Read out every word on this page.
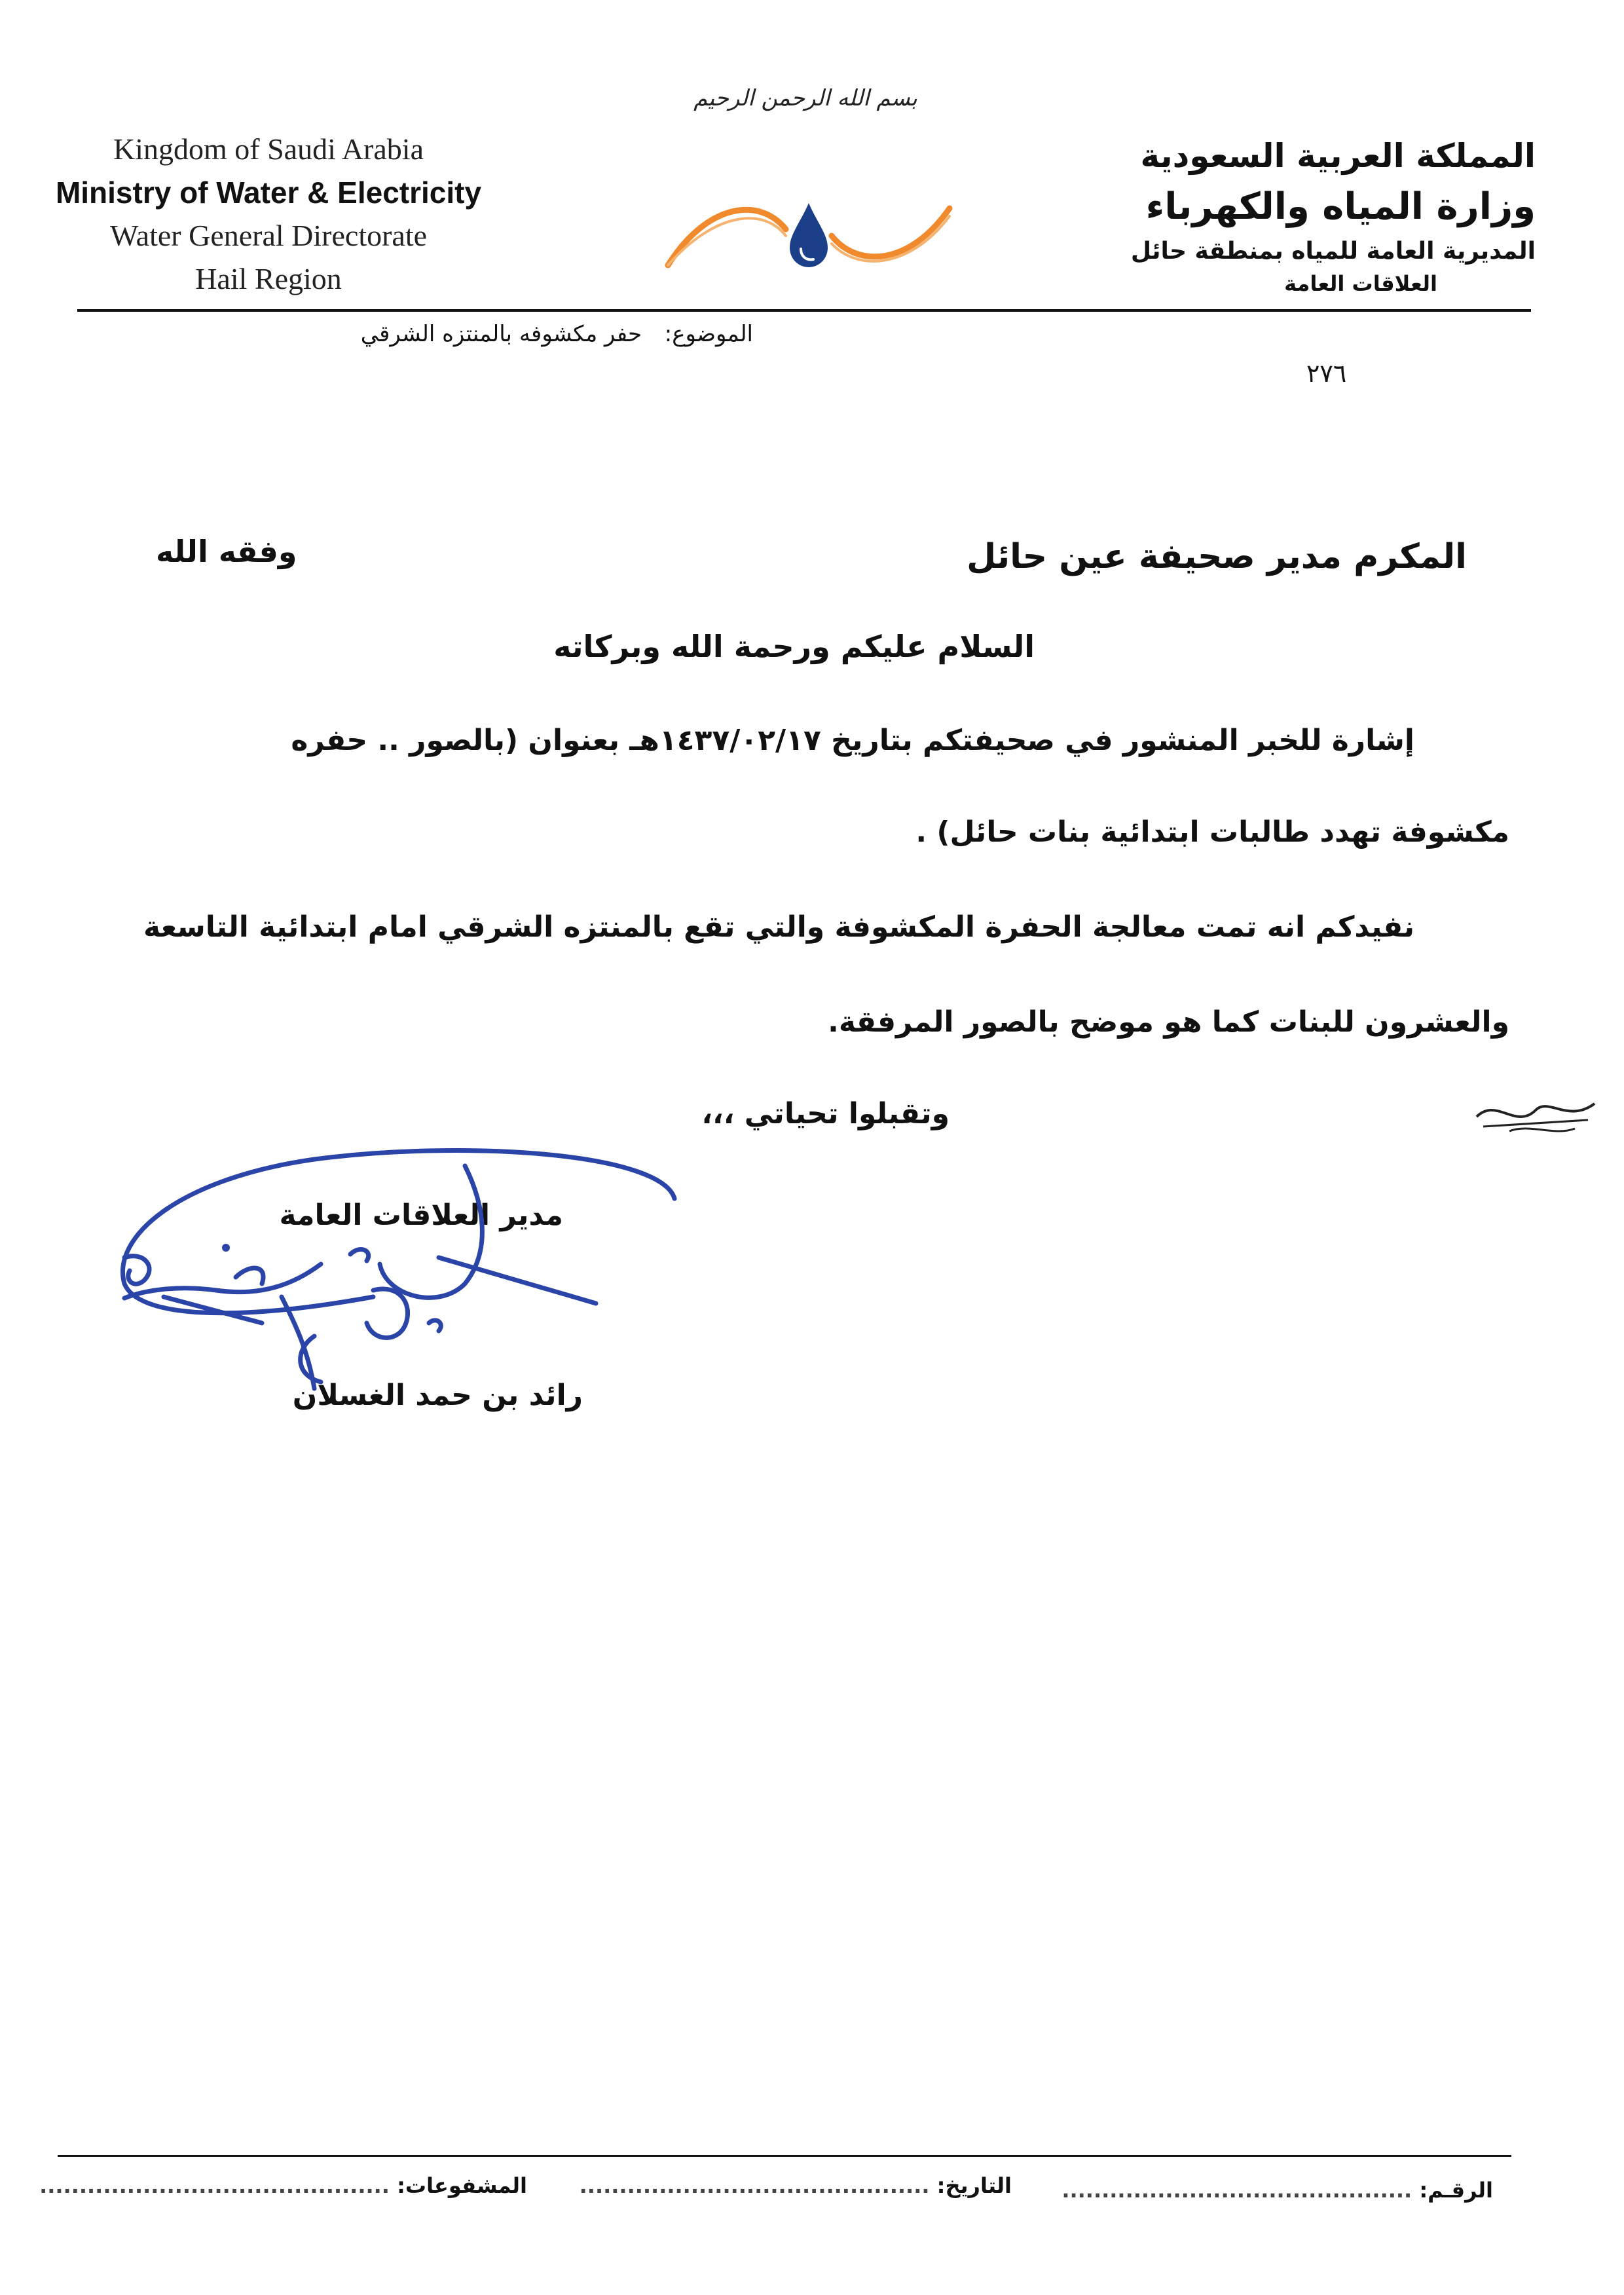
بسم الله الرحمن الرحيم
Kingdom of Saudi Arabia
Ministry of Water & Electricity
Water General Directorate
Hail Region
المملكة العربية السعودية
وزارة المياه والكهرباء
المديرية العامة للمياه بمنطقة حائل
العلاقات العامة
الموضوع: حفر مكشوفه بالمنتزه الشرقي
٢٧٦
المكرم مدير صحيفة عين حائل
وفقه الله
السلام عليكم ورحمة الله وبركاته
إشارة للخبر المنشور في صحيفتكم بتاريخ ١٤٣٧/٠٢/١٧هـ بعنوان (بالصور .. حفره
مكشوفة تهدد طالبات ابتدائية بنات حائل) .
نفيدكم انه تمت معالجة الحفرة المكشوفة والتي تقع بالمنتزه الشرقي امام ابتدائية التاسعة
والعشرون للبنات كما هو موضح بالصور المرفقة.
وتقبلوا تحياتي ،،،
مدير العلاقات العامة
رائد بن حمد الغسلان
الرقـم: ............................................
التاريخ: ............................................
المشفوعات: ............................................
